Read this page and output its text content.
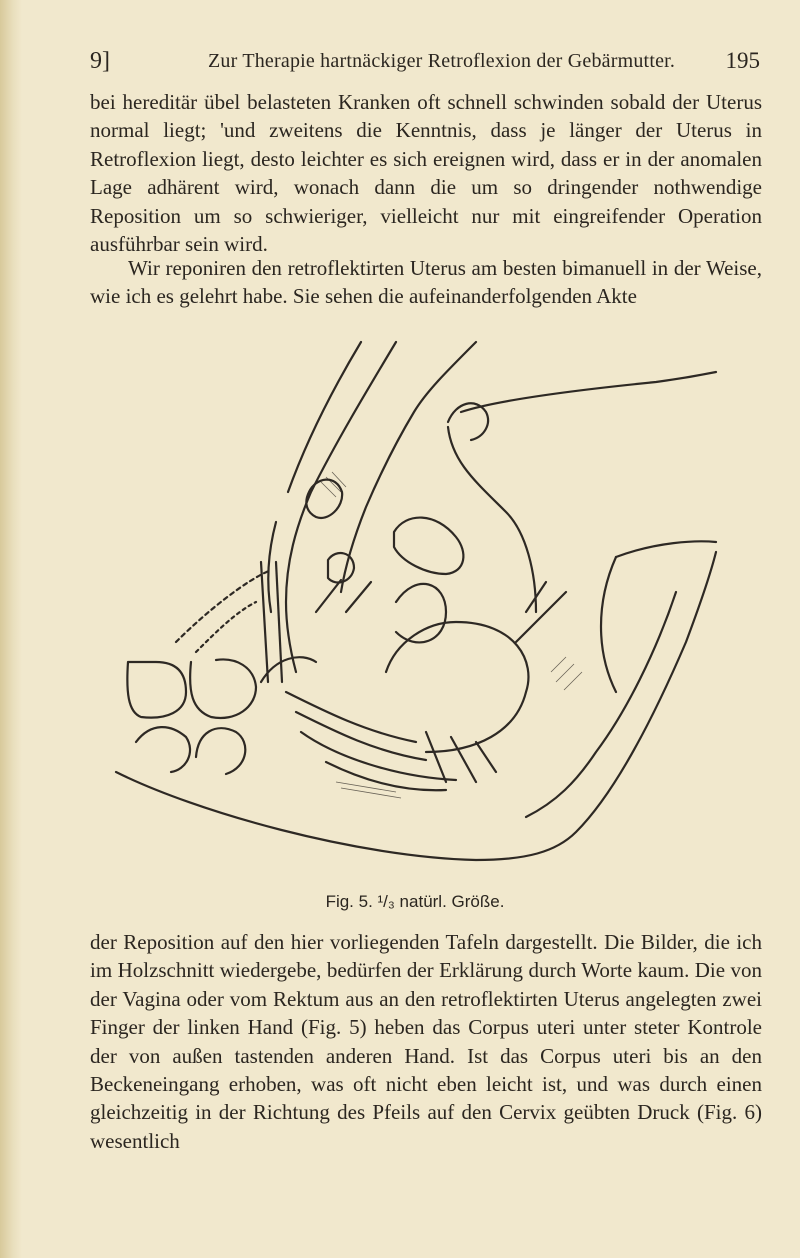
9]	Zur Therapie hartnäckiger Retroflexion der Gebärmutter. 195

bei hereditär übel belasteten Kranken oft schnell schwinden sobald der Uterus normal liegt; 'und zweitens die Kenntnis, dass je länger der Uterus in Retroflexion liegt, desto leichter es sich ereignen wird, dass er in der anomalen Lage adhärent wird, wonach dann die um so dringender nothwendige Reposition um so schwieriger, vielleicht nur mit eingreifender Operation ausführbar sein wird.

Wir reponiren den retroflektirten Uterus am besten bimanuell in der Weise, wie ich es gelehrt habe. Sie sehen die aufeinanderfolgenden Akte

Fig. 5. ¹/₃ natürl. Größe.

der Reposition auf den hier vorliegenden Tafeln dargestellt. Die Bilder, die ich im Holzschnitt wiedergebe, bedürfen der Erklärung durch Worte kaum. Die von der Vagina oder vom Rektum aus an den retroflektirten Uterus angelegten zwei Finger der linken Hand (Fig. 5) heben das Corpus uteri unter steter Kontrole der von außen tastenden anderen Hand. Ist das Corpus uteri bis an den Beckeneingang erhoben, was oft nicht eben leicht ist, und was durch einen gleichzeitig in der Richtung des Pfeils auf den Cervix geübten Druck (Fig. 6) wesentlich
